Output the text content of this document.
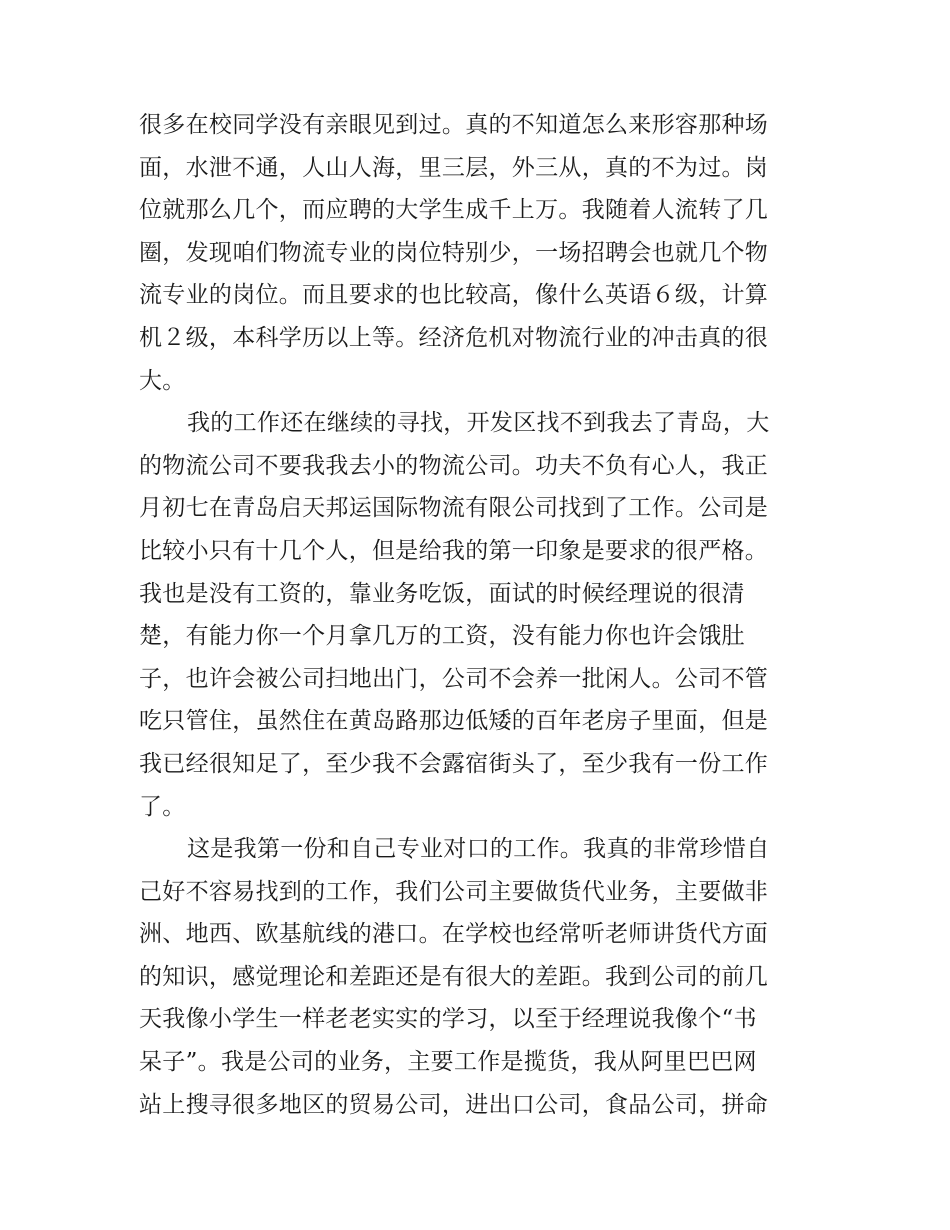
很多在校同学没有亲眼见到过。真的不知道怎么来形容那种场
面，水泄不通，人山人海，里三层，外三从，真的不为过。岗
位就那么几个，而应聘的大学生成千上万。我随着人流转了几
圈，发现咱们物流专业的岗位特别少，一场招聘会也就几个物
流专业的岗位。而且要求的也比较高，像什么英语６级，计算
机２级，本科学历以上等。经济危机对物流行业的冲击真的很
大。
我的工作还在继续的寻找，开发区找不到我去了青岛，大
的物流公司不要我我去小的物流公司。功夫不负有心人，我正
月初七在青岛启天邦运国际物流有限公司找到了工作。公司是
比较小只有十几个人，但是给我的第一印象是要求的很严格。
我也是没有工资的，靠业务吃饭，面试的时候经理说的很清
楚，有能力你一个月拿几万的工资，没有能力你也许会饿肚
子，也许会被公司扫地出门，公司不会养一批闲人。公司不管
吃只管住，虽然住在黄岛路那边低矮的百年老房子里面，但是
我已经很知足了，至少我不会露宿街头了，至少我有一份工作
了。
这是我第一份和自己专业对口的工作。我真的非常珍惜自
己好不容易找到的工作，我们公司主要做货代业务，主要做非
洲、地西、欧基航线的港口。在学校也经常听老师讲货代方面
的知识，感觉理论和差距还是有很大的差距。我到公司的前几
天我像小学生一样老老实实的学习，以至于经理说我像个“书
呆子”。我是公司的业务，主要工作是揽货，我从阿里巴巴网
站上搜寻很多地区的贸易公司，进出口公司，食品公司，拼命
